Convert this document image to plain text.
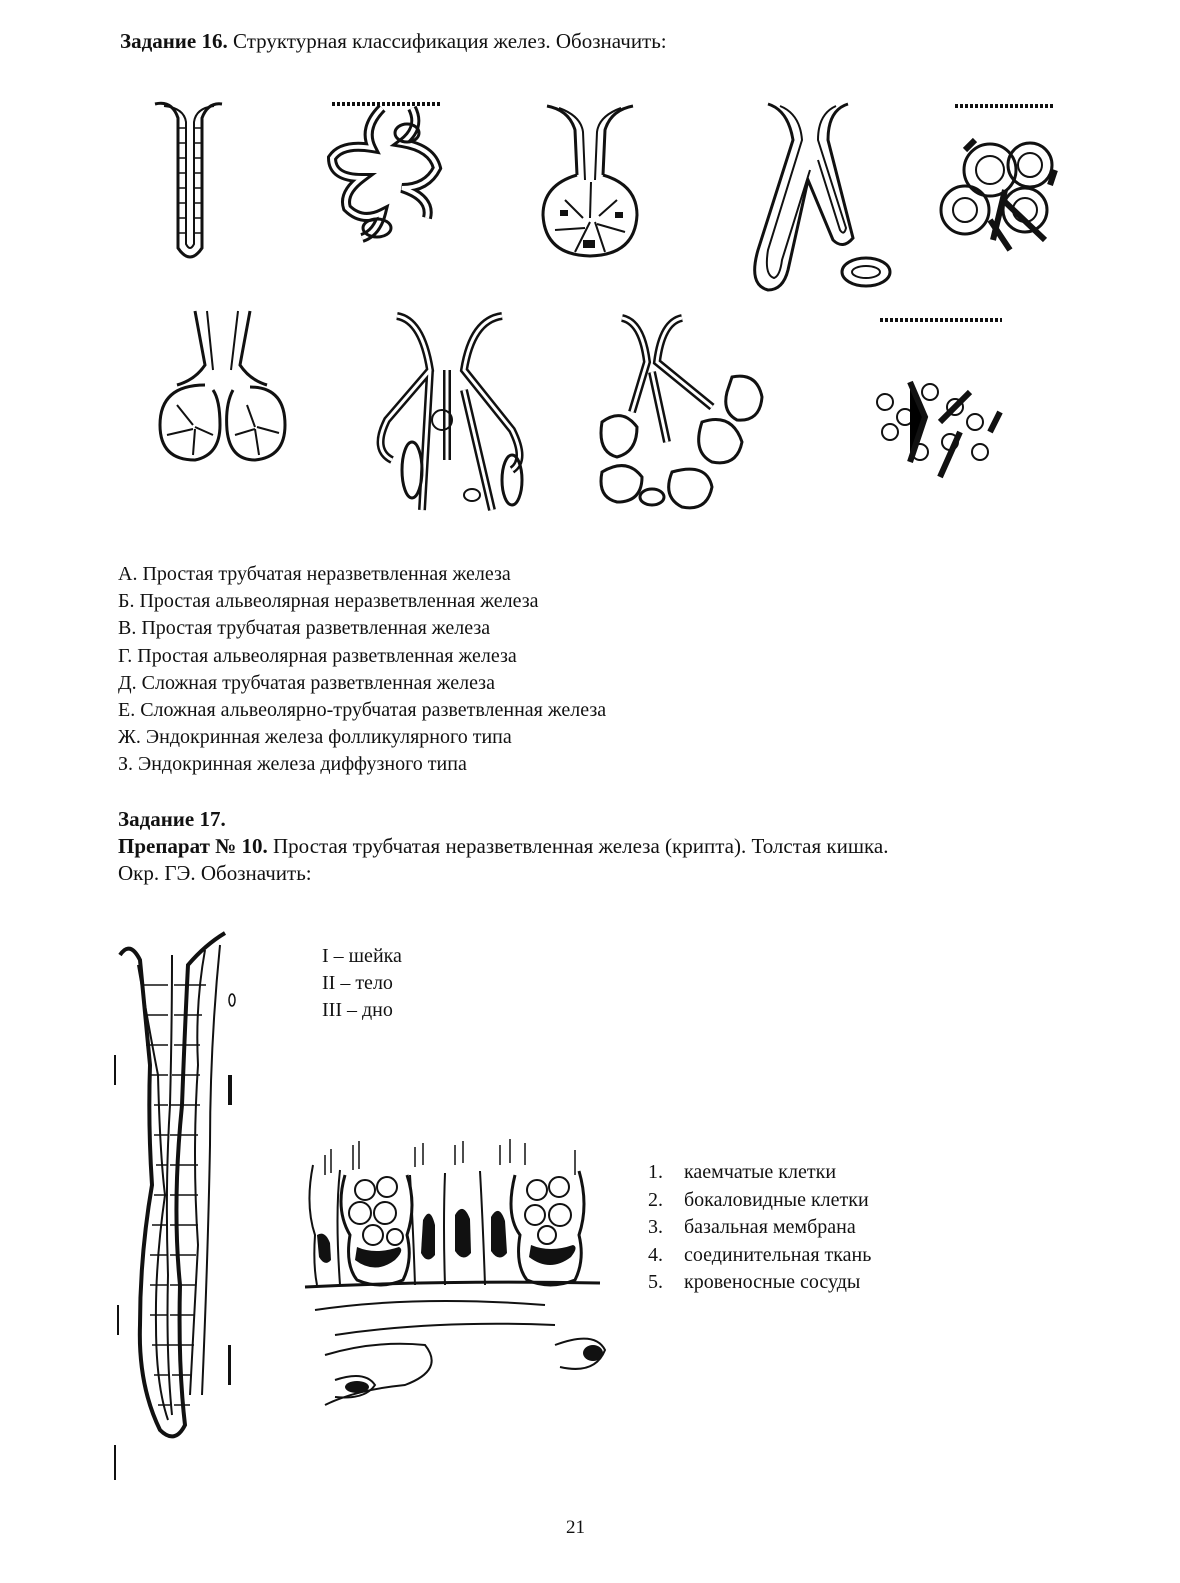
Задание 16. Структурная классификация желез. Обозначить:
А. Простая трубчатая неразветвленная железа
Б. Простая альвеолярная неразветвленная железа
В. Простая трубчатая разветвленная железа
Г. Простая альвеолярная разветвленная железа
Д. Сложная трубчатая разветвленная железа
Е. Сложная альвеолярно-трубчатая разветвленная железа
Ж. Эндокринная железа фолликулярного типа
З. Эндокринная железа диффузного типа
Задание 17.
Препарат № 10. Простая трубчатая неразветвленная железа (крипта). Толстая кишка.
Окр. ГЭ. Обозначить:
I – шейка
II – тело
III – дно
1. каемчатые клетки
2. бокаловидные клетки
3. базальная мембрана
4. соединительная ткань
5. кровеносные сосуды
21
